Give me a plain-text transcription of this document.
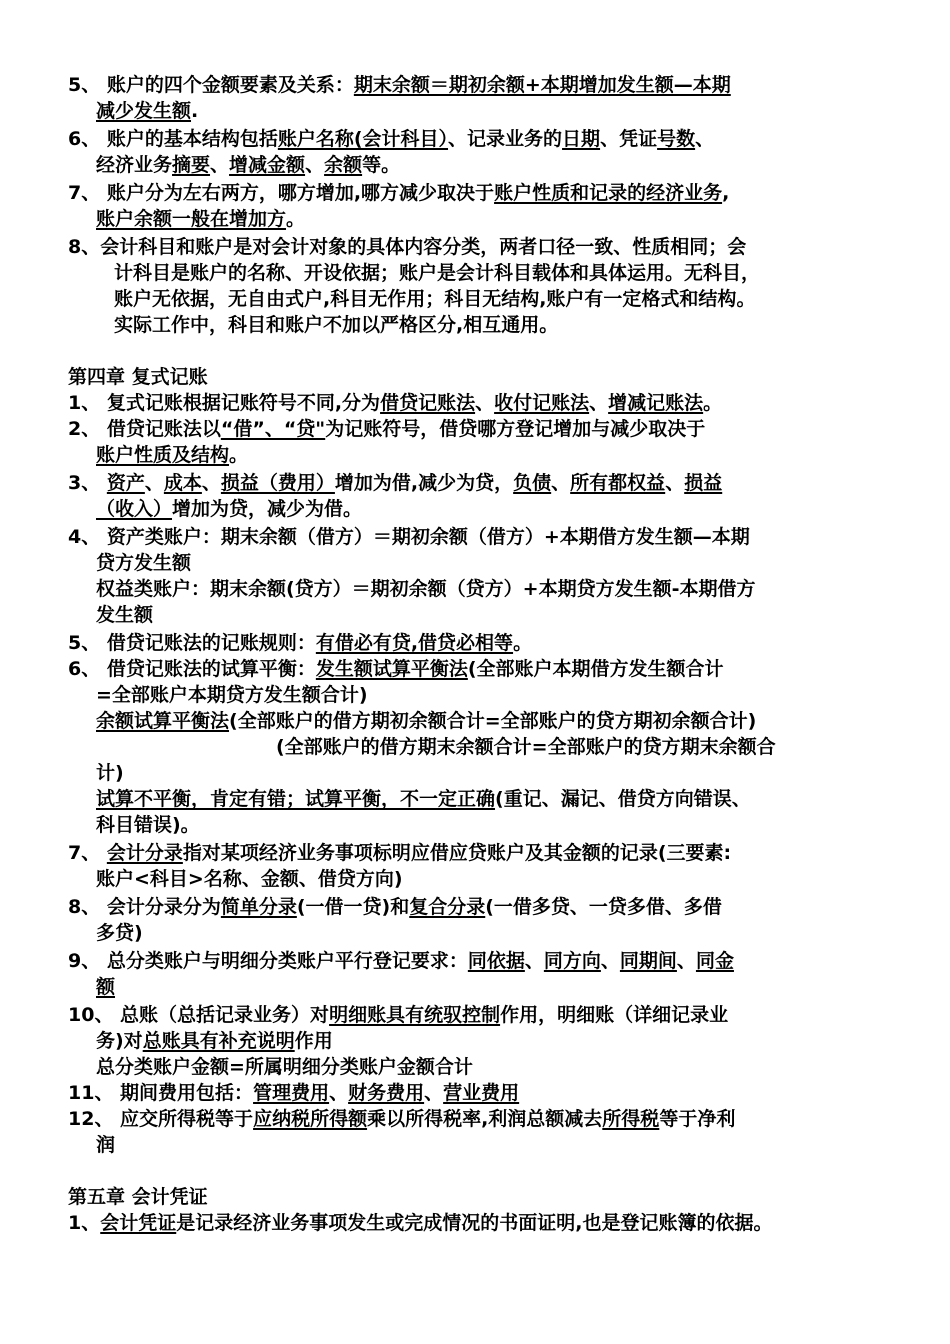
5、 账户的四个金额要素及关系：期末余额＝期初余额+本期增加发生额—本期
减少发生额.
6、 账户的基本结构包括账户名称(会计科目）、记录业务的日期、凭证号数、
经济业务摘要、增减金额、余额等。
7、 账户分为左右两方，哪方增加,哪方减少取决于账户性质和记录的经济业务,
账户余额一般在增加方。
8、会计科目和账户是对会计对象的具体内容分类，两者口径一致、性质相同；会
计科目是账户的名称、开设依据；账户是会计科目载体和具体运用。无科目，
账户无依据，无自由式户,科目无作用；科目无结构,账户有一定格式和结构。
实际工作中，科目和账户不加以严格区分,相互通用。
第四章 复式记账
1、 复式记账根据记账符号不同,分为借贷记账法、收付记账法、增减记账法。
2、 借贷记账法以“借”、“贷"为记账符号，借贷哪方登记增加与减少取决于
账户性质及结构。
3、 资产、成本、损益（费用）增加为借,减少为贷，负债、所有都权益、损益
（收入）增加为贷，减少为借。
4、 资产类账户：期末余额（借方）＝期初余额（借方）+本期借方发生额—本期
贷方发生额
权益类账户：期末余额(贷方）＝期初余额（贷方）+本期贷方发生额-本期借方
发生额
5、 借贷记账法的记账规则：有借必有贷,借贷必相等。
6、 借贷记账法的试算平衡：发生额试算平衡法(全部账户本期借方发生额合计
=全部账户本期贷方发生额合计)
余额试算平衡法(全部账户的借方期初余额合计=全部账户的贷方期初余额合计)
(全部账户的借方期末余额合计=全部账户的贷方期末余额合
计)
试算不平衡，肯定有错；试算平衡，不一定正确(重记、漏记、借贷方向错误、
科目错误)。
7、 会计分录指对某项经济业务事项标明应借应贷账户及其金额的记录(三要素:
账户<科目>名称、金额、借贷方向)
8、 会计分录分为简单分录(一借一贷)和复合分录(一借多贷、一贷多借、多借
多贷)
9、 总分类账户与明细分类账户平行登记要求：同依据、同方向、同期间、同金
额
10、 总账（总括记录业务）对明细账具有统驭控制作用，明细账（详细记录业
务)对总账具有补充说明作用
总分类账户金额=所属明细分类账户金额合计
11、 期间费用包括：管理费用、财务费用、营业费用
12、 应交所得税等于应纳税所得额乘以所得税率,利润总额减去所得税等于净利
润
第五章 会计凭证
1、会计凭证是记录经济业务事项发生或完成情况的书面证明,也是登记账簿的依据。
